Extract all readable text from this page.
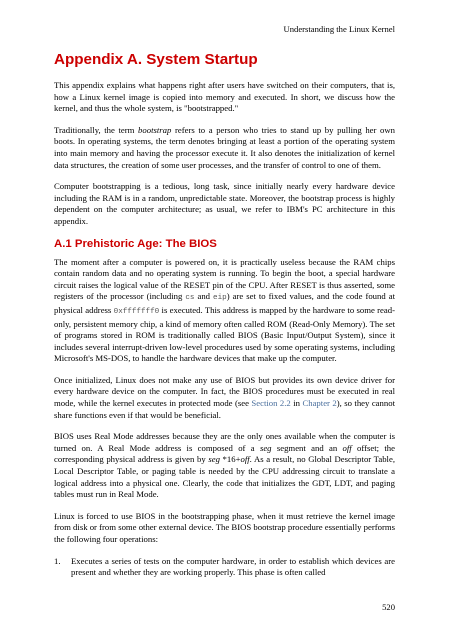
Understanding the Linux Kernel
Appendix A. System Startup

This appendix explains what happens right after users have switched on their computers, that is, how a Linux kernel image is copied into memory and executed. In short, we discuss how the kernel, and thus the whole system, is "bootstrapped."

Traditionally, the term bootstrap refers to a person who tries to stand up by pulling her own boots. In operating systems, the term denotes bringing at least a portion of the operating system into main memory and having the processor execute it. It also denotes the initialization of kernel data structures, the creation of some user processes, and the transfer of control to one of them.

Computer bootstrapping is a tedious, long task, since initially nearly every hardware device including the RAM is in a random, unpredictable state. Moreover, the bootstrap process is highly dependent on the computer architecture; as usual, we refer to IBM's PC architecture in this appendix.

A.1 Prehistoric Age: The BIOS

The moment after a computer is powered on, it is practically useless because the RAM chips contain random data and no operating system is running. To begin the boot, a special hardware circuit raises the logical value of the RESET pin of the CPU. After RESET is thus asserted, some registers of the processor (including cs and eip) are set to fixed values, and the code found at physical address 0xfffffff0 is executed. This address is mapped by the hardware to some read-only, persistent memory chip, a kind of memory often called ROM (Read-Only Memory). The set of programs stored in ROM is traditionally called BIOS (Basic Input/Output System), since it includes several interrupt-driven low-level procedures used by some operating systems, including Microsoft's MS-DOS, to handle the hardware devices that make up the computer.

Once initialized, Linux does not make any use of BIOS but provides its own device driver for every hardware device on the computer. In fact, the BIOS procedures must be executed in real mode, while the kernel executes in protected mode (see Section 2.2 in Chapter 2), so they cannot share functions even if that would be beneficial.

BIOS uses Real Mode addresses because they are the only ones available when the computer is turned on. A Real Mode address is composed of a seg segment and an off offset; the corresponding physical address is given by seg *16+off. As a result, no Global Descriptor Table, Local Descriptor Table, or paging table is needed by the CPU addressing circuit to translate a logical address into a physical one. Clearly, the code that initializes the GDT, LDT, and paging tables must run in Real Mode.

Linux is forced to use BIOS in the bootstrapping phase, when it must retrieve the kernel image from disk or from some other external device. The BIOS bootstrap procedure essentially performs the following four operations:

1. Executes a series of tests on the computer hardware, in order to establish which devices are present and whether they are working properly. This phase is often called
520
